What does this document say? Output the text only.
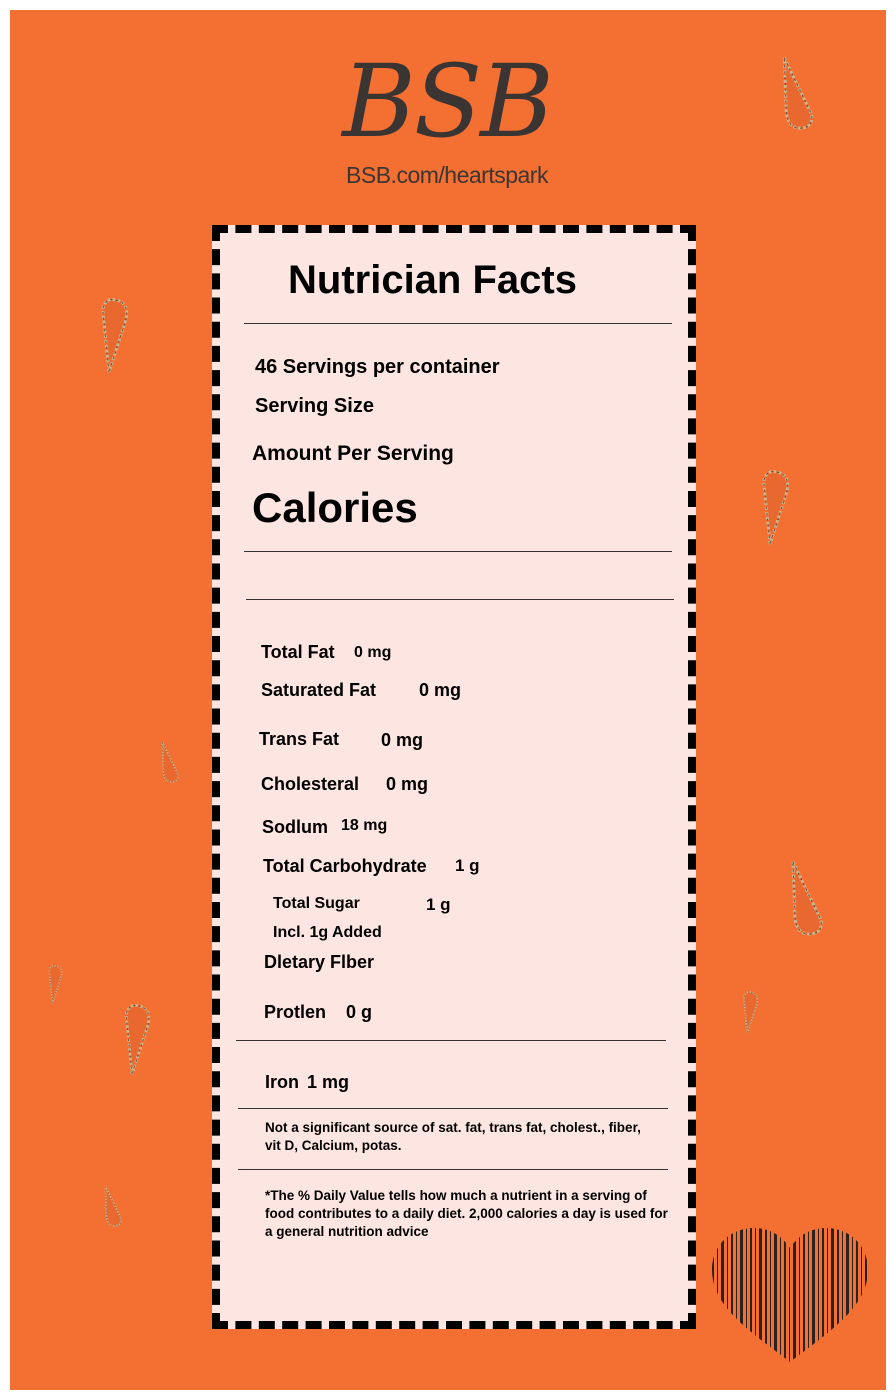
BSB
BSB.com/heartspark
Nutrician Facts
46 Servings per container
Serving Size
Amount Per Serving
Calories
Total Fat 0 mg
Saturated Fat 0 mg
Trans Fat 0 mg
Cholesteral 0 mg
Sodlum 18 mg
Total Carbohydrate 1 g
Total Sugar	1 g
Incl. 1g Added
Dletary Flber
Protlen 0 g
Iron 1 mg
Not a significant source of sat. fat, trans fat, cholest., fiber, vit D, Calcium, potas.
*The % Daily Value tells how much a nutrient in a serving of food contributes to a daily diet. 2,000 calories a day is used for a general nutrition advice
